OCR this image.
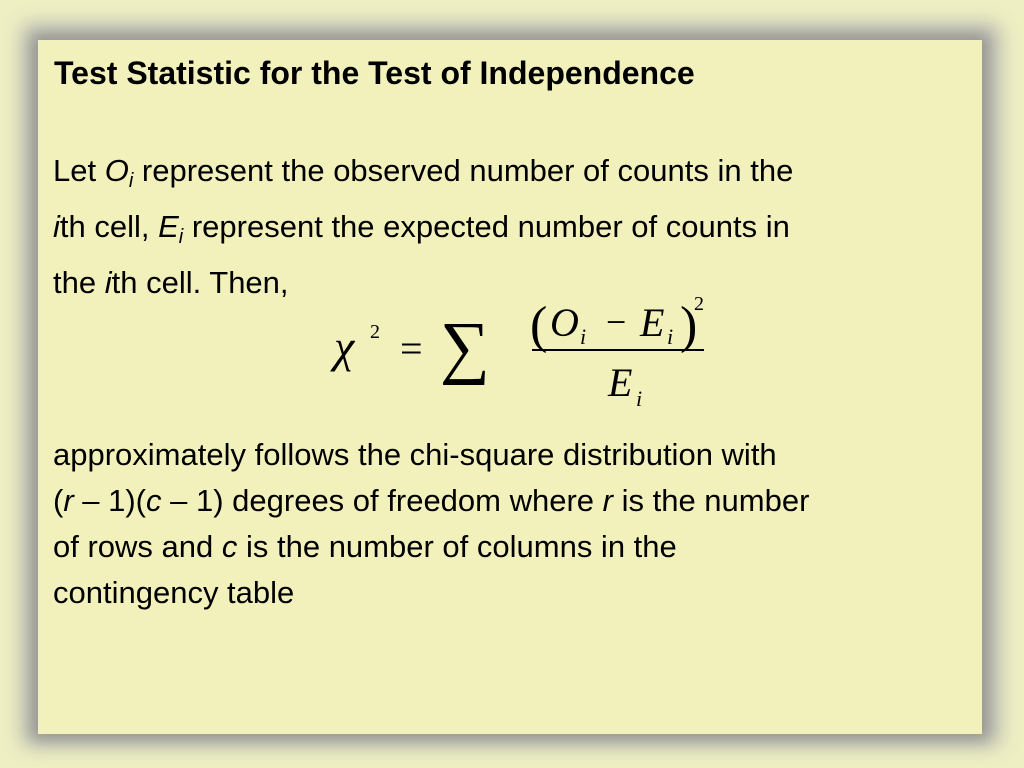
Test Statistic for the Test of Independence
Let $O_i$ represent the observed number of counts in the
ith cell, $E_i$ represent the expected number of counts in
the ith cell. Then,
χ 2 = ∑ ( O i − E i )
2
E i
approximately follows the chi-square distribution with
(r – 1)(c – 1) degrees of freedom where r is the number
of rows and c is the number of columns in the
contingency table
